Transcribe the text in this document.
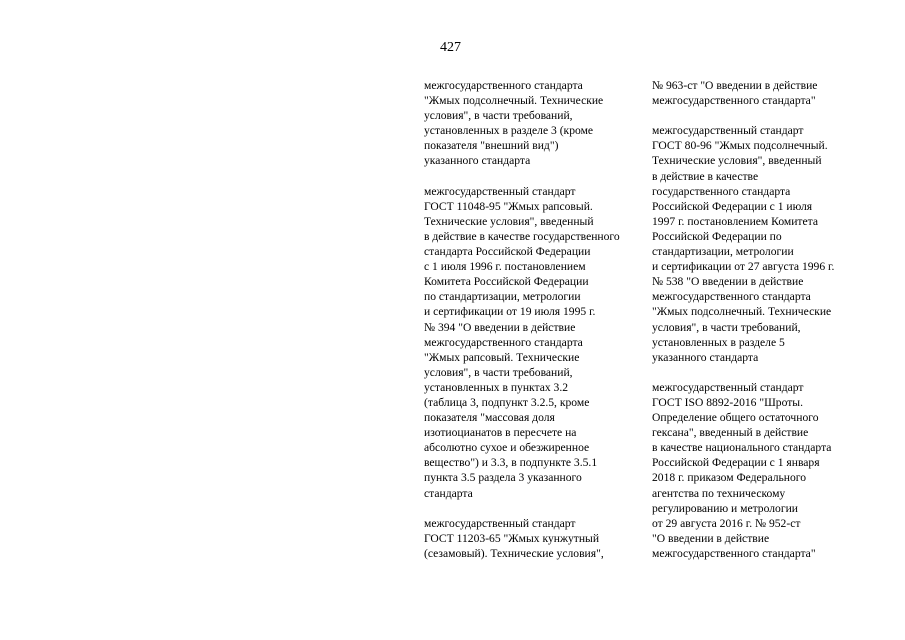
427
межгосударственного стандарта
"Жмых подсолнечный. Технические
условия", в части требований,
установленных в разделе 3 (кроме
показателя "внешний вид")
указанного стандарта
межгосударственный стандарт
ГОСТ 11048-95 "Жмых рапсовый.
Технические условия", введенный
в действие в качестве государственного
стандарта Российской Федерации
с 1 июля 1996 г. постановлением
Комитета Российской Федерации
по стандартизации, метрологии
и сертификации от 19 июля 1995 г.
№ 394 "О введении в действие
межгосударственного стандарта
"Жмых рапсовый. Технические
условия", в части требований,
установленных в пунктах 3.2
(таблица 3, подпункт 3.2.5, кроме
показателя "массовая доля
изотиоцианатов в пересчете на
абсолютно сухое и обезжиренное
вещество") и 3.3, в подпункте 3.5.1
пункта 3.5 раздела 3 указанного
стандарта
межгосударственный стандарт
ГОСТ 11203-65 "Жмых кунжутный
(сезамовый). Технические условия",
№ 963-ст "О введении в действие
межгосударственного стандарта"
межгосударственный стандарт
ГОСТ 80-96 "Жмых подсолнечный.
Технические условия", введенный
в действие в качестве
государственного стандарта
Российской Федерации с 1 июля
1997 г. постановлением Комитета
Российской Федерации по
стандартизации, метрологии
и сертификации от 27 августа 1996 г.
№ 538 "О введении в действие
межгосударственного стандарта
"Жмых подсолнечный. Технические
условия", в части требований,
установленных в разделе 5
указанного стандарта
межгосударственный стандарт
ГОСТ ISO 8892-2016 "Шроты.
Определение общего остаточного
гексана", введенный в действие
в качестве национального стандарта
Российской Федерации с 1 января
2018 г. приказом Федерального
агентства по техническому
регулированию и метрологии
от 29 августа 2016 г. № 952-ст
"О введении в действие
межгосударственного стандарта"
